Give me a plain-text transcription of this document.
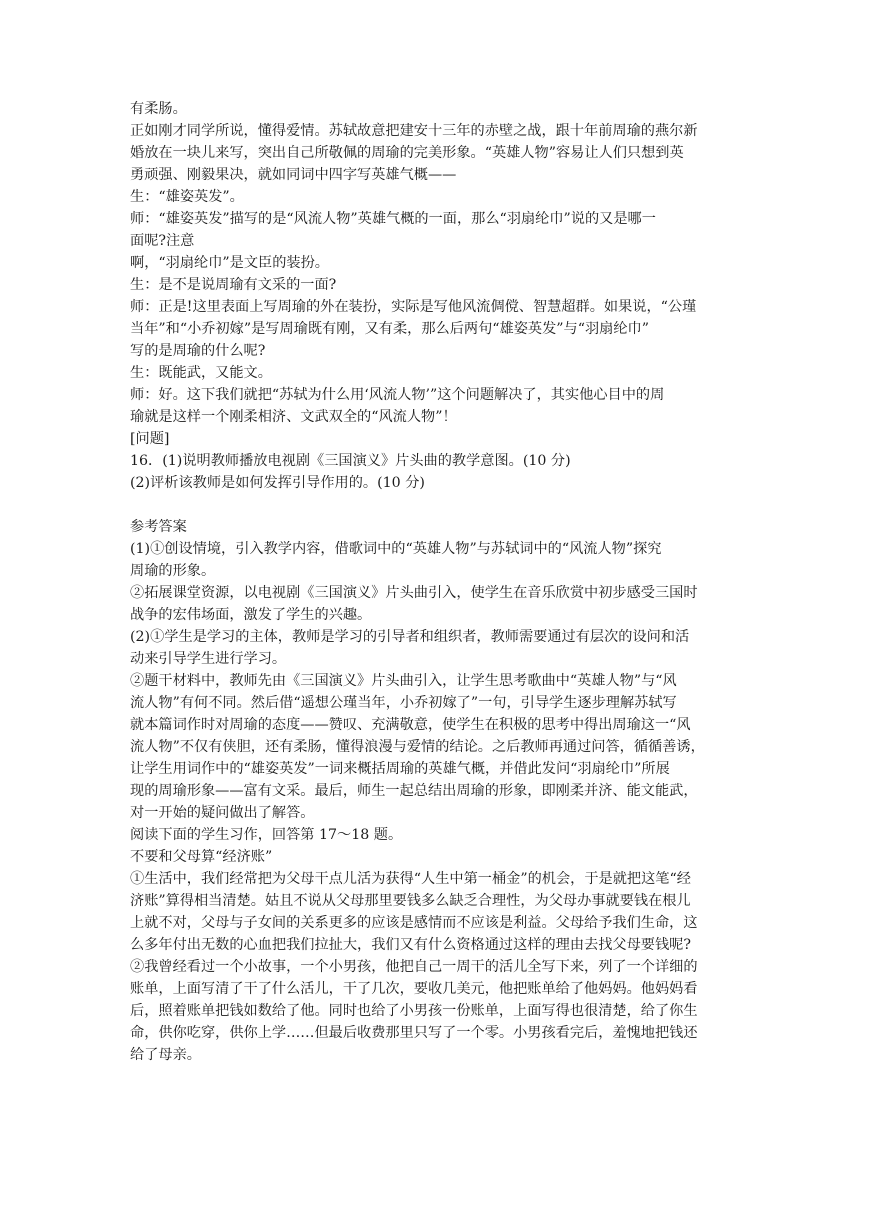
有柔肠。
正如刚才同学所说，懂得爱情。苏轼故意把建安十三年的赤壁之战，跟十年前周瑜的燕尔新
婚放在一块儿来写，突出自己所敬佩的周瑜的完美形象。“英雄人物”容易让人们只想到英
勇顽强、刚毅果决，就如同词中四字写英雄气概——
生：“雄姿英发”。
师：“雄姿英发”描写的是“风流人物”英雄气概的一面，那么“羽扇纶巾”说的又是哪一
面呢?注意
啊，“羽扇纶巾”是文臣的装扮。
生：是不是说周瑜有文采的一面?
师：正是!这里表面上写周瑜的外在装扮，实际是写他风流倜傥、智慧超群。如果说，“公瑾
当年”和“小乔初嫁”是写周瑜既有刚，又有柔，那么后两句“雄姿英发”与“羽扇纶巾”
写的是周瑜的什么呢?
生：既能武，又能文。
师：好。这下我们就把“苏轼为什么用‘风流人物’”这个问题解决了，其实他心目中的周
瑜就是这样一个刚柔相济、文武双全的“风流人物”！
[问题]
16．(1)说明教师播放电视剧《三国演义》片头曲的教学意图。(10 分)
(2)评析该教师是如何发挥引导作用的。(10 分)
参考答案
(1)①创设情境，引入教学内容，借歌词中的“英雄人物”与苏轼词中的“风流人物”探究
周瑜的形象。
②拓展课堂资源，以电视剧《三国演义》片头曲引入，使学生在音乐欣赏中初步感受三国时
战争的宏伟场面，激发了学生的兴趣。
(2)①学生是学习的主体，教师是学习的引导者和组织者，教师需要通过有层次的设问和活
动来引导学生进行学习。
②题干材料中，教师先由《三国演义》片头曲引入，让学生思考歌曲中“英雄人物”与“风
流人物”有何不同。然后借“遥想公瑾当年，小乔初嫁了”一句，引导学生逐步理解苏轼写
就本篇词作时对周瑜的态度——赞叹、充满敬意，使学生在积极的思考中得出周瑜这一“风
流人物”不仅有侠胆，还有柔肠，懂得浪漫与爱情的结论。之后教师再通过问答，循循善诱，
让学生用词作中的“雄姿英发”一词来概括周瑜的英雄气概，并借此发问“羽扇纶巾”所展
现的周瑜形象——富有文采。最后，师生一起总结出周瑜的形象，即刚柔并济、能文能武，
对一开始的疑问做出了解答。
阅读下面的学生习作，回答第 17～18 题。
不要和父母算“经济账”
①生活中，我们经常把为父母干点儿活为获得“人生中第一桶金”的机会，于是就把这笔“经
济账”算得相当清楚。姑且不说从父母那里要钱多么缺乏合理性，为父母办事就要钱在根儿
上就不对，父母与子女间的关系更多的应该是感情而不应该是利益。父母给予我们生命，这
么多年付出无数的心血把我们拉扯大，我们又有什么资格通过这样的理由去找父母要钱呢?
②我曾经看过一个小故事，一个小男孩，他把自己一周干的活儿全写下来，列了一个详细的
账单，上面写清了干了什么活儿，干了几次，要收几美元，他把账单给了他妈妈。他妈妈看
后，照着账单把钱如数给了他。同时也给了小男孩一份账单，上面写得也很清楚，给了你生
命，供你吃穿，供你上学……但最后收费那里只写了一个零。小男孩看完后，羞愧地把钱还
给了母亲。
